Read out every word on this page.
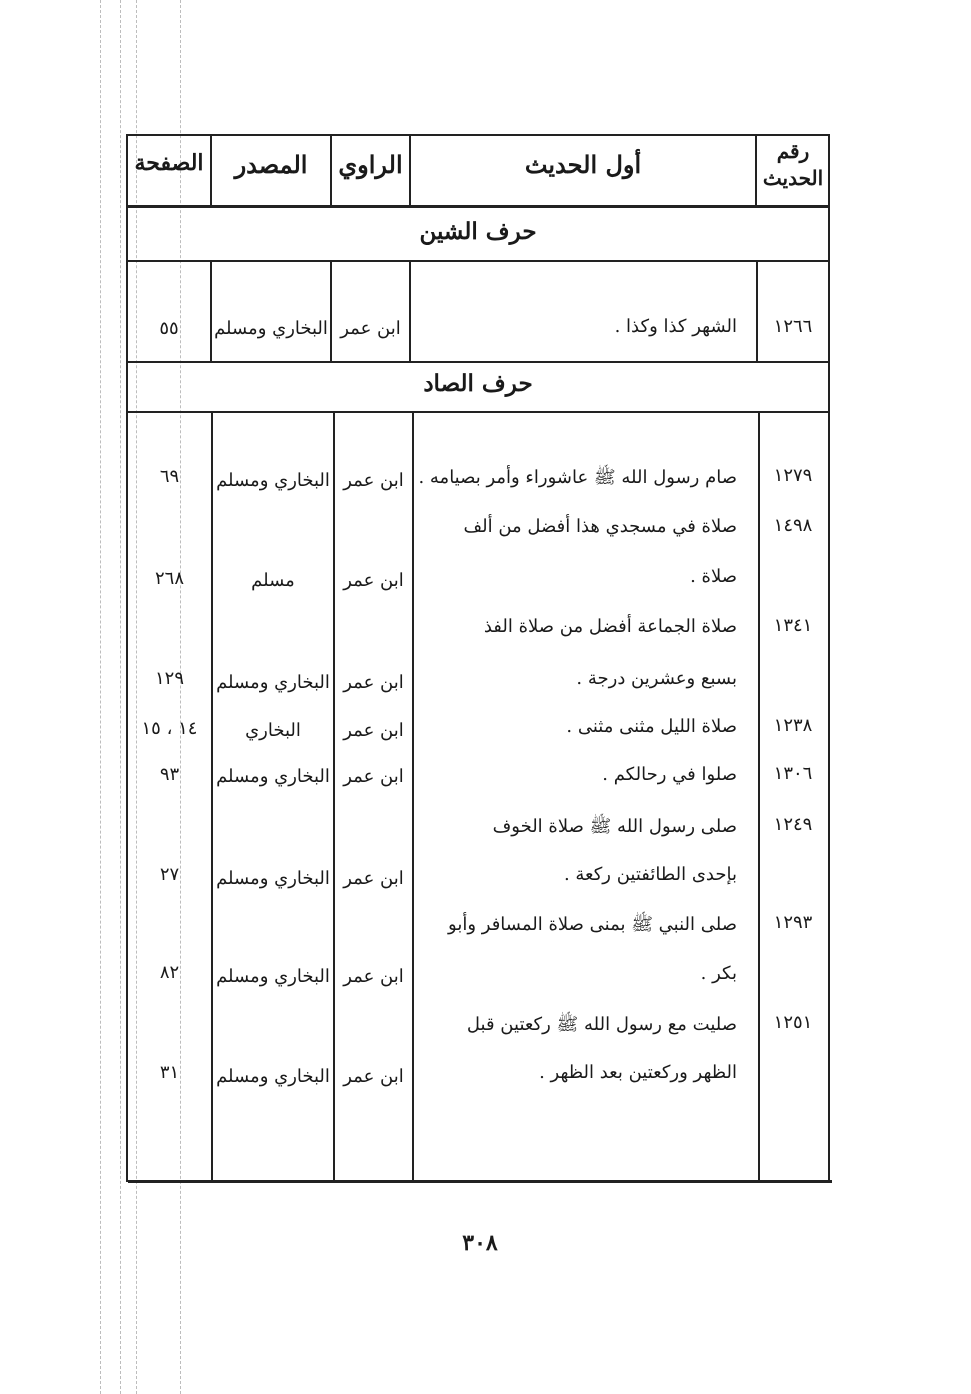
رقم الحديث
أول الحديث
الراوي
المصدر
الصفحة
حرف الشين
١٢٦٦
الشهر كذا وكذا .
ابن عمر
البخاري ومسلم
٥٥
حرف الصاد
١٢٧٩
صام رسول الله ﷺ عاشوراء وأمر بصيامه .
ابن عمر
البخاري ومسلم
٦٩
١٤٩٨
صلاة في مسجدي هذا أفضل من ألف
صلاة .
ابن عمر
مسلم
٢٦٨
١٣٤١
صلاة الجماعة أفضل من صلاة الفذ
بسبع وعشرين درجة .
ابن عمر
البخاري ومسلم
١٢٩
١٢٣٨
صلاة الليل مثنى مثنى .
ابن عمر
البخاري
١٤ ، ١٥
١٣٠٦
صلوا في رحالكم .
ابن عمر
البخاري ومسلم
٩٣
١٢٤٩
صلى رسول الله ﷺ صلاة الخوف
بإحدى الطائفتين ركعة .
ابن عمر
البخاري ومسلم
٢٧
١٢٩٣
صلى النبي ﷺ بمنى صلاة المسافر وأبو
بكر .
ابن عمر
البخاري ومسلم
٨٢
١٢٥١
صليت مع رسول الله ﷺ ركعتين قبل
الظهر وركعتين بعد الظهر .
ابن عمر
البخاري ومسلم
٣١
٣٠٨
